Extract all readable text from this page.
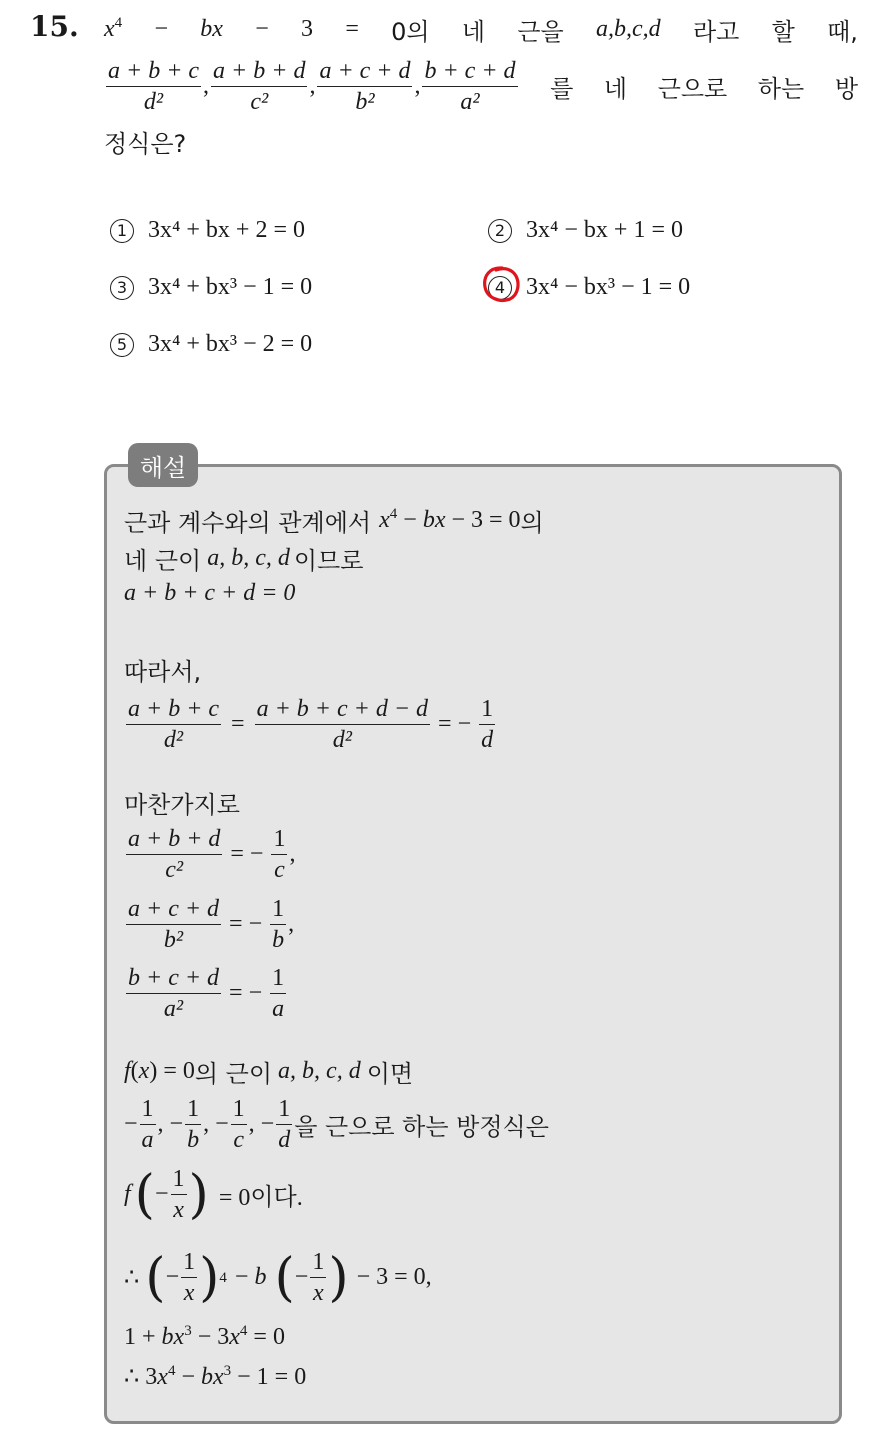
15. $x^4$ − bx − 3 = 0의 네 근을 a,b,c,d 라고 할 때,
$\frac{a + b + c}{\text{d²}}$ , $\frac{a + b + d}{\text{c²}}$ , $\frac{a + c + d}{\text{b²}}$ , $\frac{b + c + d}{\text{a²}}$ 를 네 근으로 하는 방
정식은?
1 3x⁴ + bx + 2 = 0	2 3x⁴ − bx + 1 = 0
3 3x⁴ + bx³ − 1 = 0	4 3x⁴ − bx³ − 1 = 0
5 3x⁴ + bx³ − 2 = 0
해설
근과 계수와의 관계에서 $x^4$ − bx − 3 = 0 의
네 근이 a, b, c, d 이므로
a + b + c + d = 0
따라서,
$\frac{a + b + c}{\text{d²}} = \frac{a + b + c + d - d}{\text{d²}}$ = − $\frac{1}{d}$
마찬가지로
$\frac{a + b + d}{\text{c²}}$ = − $\frac{1}{c}$ ,
$\frac{a + c + d}{\text{b²}}$ = − $\frac{1}{b}$ ,
$\frac{b + c + d}{\text{a²}}$ = − $\frac{1}{a}$
f(x) = 0 의 근이 a, b, c, d 이면
− $\frac{1}{a}$ , − $\frac{1}{b}$ , − $\frac{1}{c}$ , − $\frac{1}{d}$ 을 근으로 하는 방정식은
f ( − $\frac{1}{x}$ ) = 0이다.
∴ ( − $\frac{1}{x}$ ) 4 − b ( − $\frac{1}{x}$ ) − 3 = 0,
$1 + bx^3 - 3x^4 = 0$
∴ $3x^4 - bx^3 - 1 = 0$
